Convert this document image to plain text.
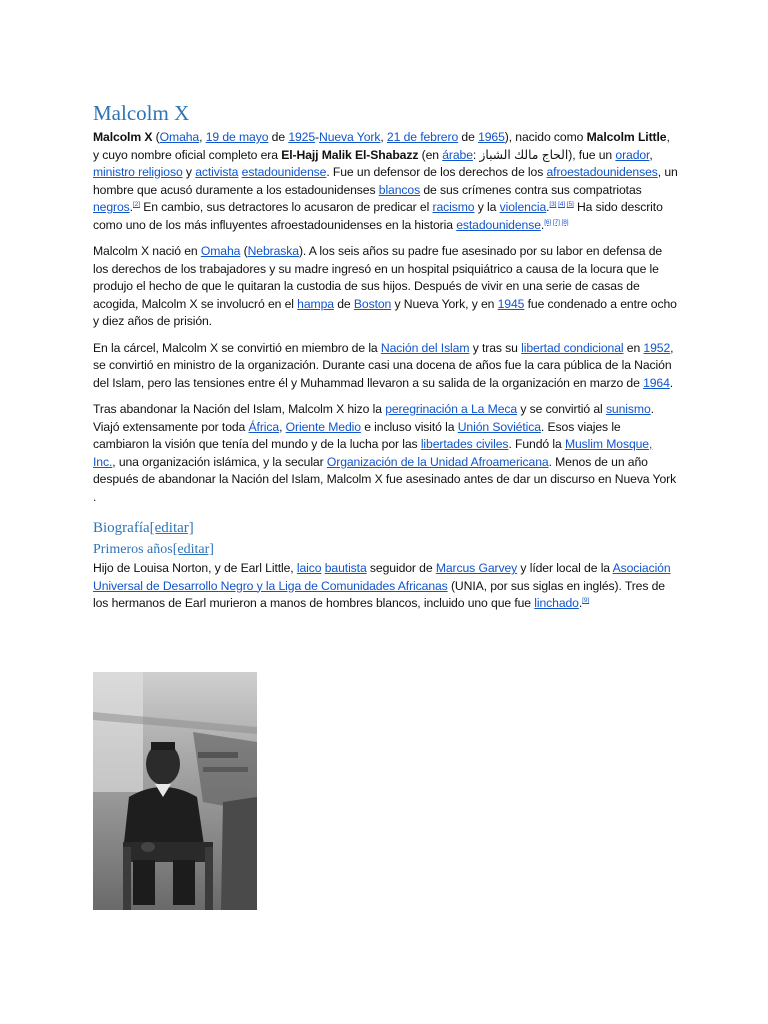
Malcolm X

Malcolm X (Omaha, 19 de mayo de 1925-Nueva York, 21 de febrero de 1965), nacido como Malcolm Little, y cuyo nombre oficial completo era El-Hajj Malik El-Shabazz (en árabe: الحاج مالك الشباز), fue un orador, ministro religioso y activista estadounidense. Fue un defensor de los derechos de los afroestadounidenses, un hombre que acusó duramente a los estadounidenses blancos de sus crímenes contra sus compatriotas negros.[2] En cambio, sus detractores lo acusaron de predicar el racismo y la violencia.[3] [4] [5] Ha sido descrito como uno de los más influyentes afroestadounidenses en la historia estadounidense.[6] [7] [8]

Malcolm X nació en Omaha (Nebraska). A los seis años su padre fue asesinado por su labor en defensa de los derechos de los trabajadores y su madre ingresó en un hospital psiquiátrico a causa de la locura que le produjo el hecho de que le quitaran la custodia de sus hijos. Después de vivir en una serie de casas de acogida, Malcolm X se involucró en el hampa de Boston y Nueva York, y en 1945 fue condenado a entre ocho y diez años de prisión.

En la cárcel, Malcolm X se convirtió en miembro de la Nación del Islam y tras su libertad condicional en 1952, se convirtió en ministro de la organización. Durante casi una docena de años fue la cara pública de la Nación del Islam, pero las tensiones entre él y Muhammad llevaron a su salida de la organización en marzo de 1964.

Tras abandonar la Nación del Islam, Malcolm X hizo la peregrinación a La Meca y se convirtió al sunismo. Viajó extensamente por toda África, Oriente Medio e incluso visitó la Unión Soviética. Esos viajes le cambiaron la visión que tenía del mundo y de la lucha por las libertades civiles. Fundó la Muslim Mosque, Inc., una organización islámica, y la secular Organización de la Unidad Afroamericana. Menos de un año después de abandonar la Nación del Islam, Malcolm X fue asesinado antes de dar un discurso en Nueva York .

Biografía[editar]
Primeros años[editar]

Hijo de Louisa Norton, y de Earl Little, laico bautista seguidor de Marcus Garvey y líder local de la Asociación Universal de Desarrollo Negro y la Liga de Comunidades Africanas (UNIA, por sus siglas en inglés). Tres de los hermanos de Earl murieron a manos de hombres blancos, incluido uno que fue linchado.[9]
